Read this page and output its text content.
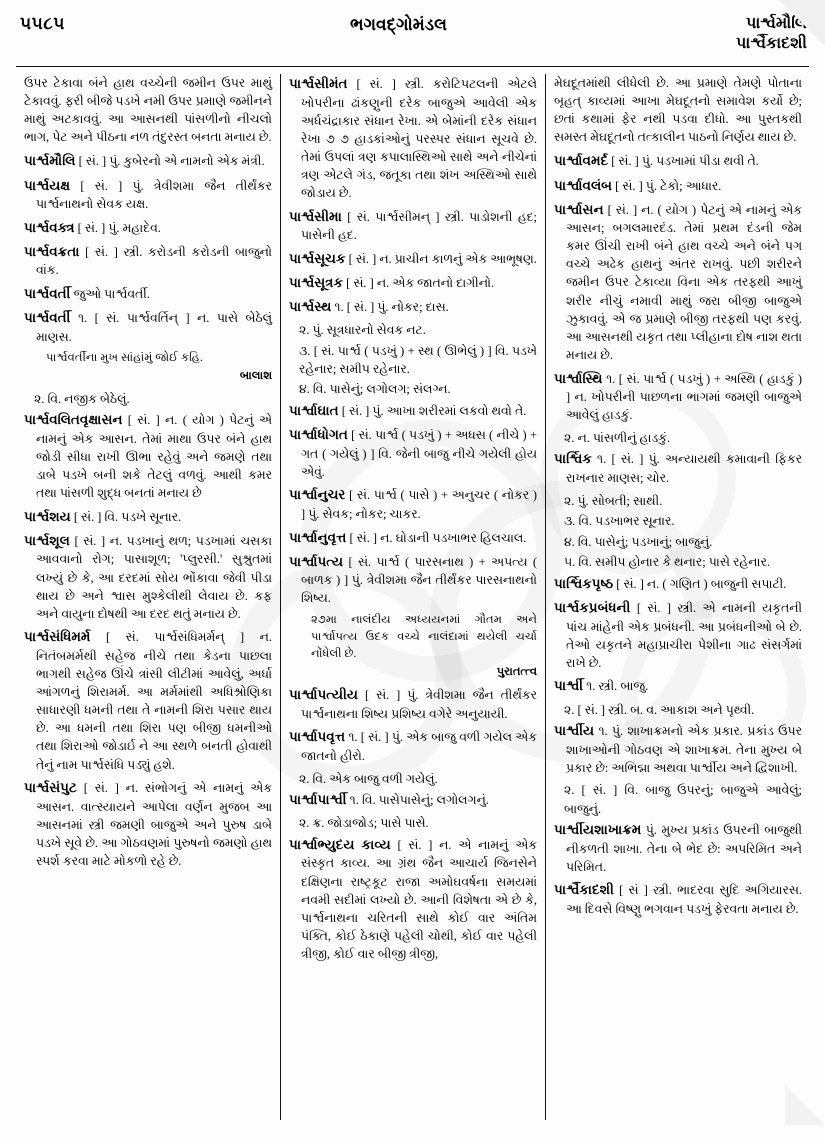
૫૫૮૫	ભગવદ્ગોમંડલ	પાર્શ્વમૌલિ
પાર્શ્વૈકાદશી
ઉપર ટેકાવા બંને હાથ વચ્ચેની જમીન ઉપર માથું ટેકાવવું. ફરી બીજે પડખે નમી ઉપર પ્રમાણે જમીનને માથું અટકાવવું. આ આસનથી પાંસળીનો નીચલો ભાગ, પેટ અને પીઠના નળ તંદુરસ્ત બનતા મનાય છે.
પાર્શ્વમૌલિ [ સં. ] પું. કુબેરનો એ નામનો એક મંત્રી.
પાર્શ્વયક્ષ [ સં. ] પું. ત્રેવીશમા જૈન તીર્થંકર પાર્શ્વનાથનો સેવક યક્ષ.
પાર્શ્વવક્ત્ર [ સં. ] પું. મહાદેવ.
પાર્શ્વવક્રતા [ સં. ] સ્ત્રી. કરોડની કરોડની બાજુનો વાંક.
પાર્શ્વવર્તી જુઓ પાર્શ્વવર્તી.
પાર્શ્વવર્તી ૧. [ સં. પાર્શ્વવર્તિન્ ] ન. પાસે બેઠેલું માણસ.
પાર્શ્વવર્તીના મુખ સાંહાંમું જોઈ કહિ.
બાલાશ
૨. વિ. નજીક બેઠેલું.
પાર્શ્વવલિતવૃક્ષાસન [ સં. ] ન. ( યોગ ) પેટનું એ નામનું એક આસન. તેમાં માથા ઉપર બંને હાથ જોડી સીધા રાખી ઊભા રહેવું અને જમણે તથા ડાબે પડખે બની શકે તેટલું વળવું. આથી કમર તથા પાંસળી શુદ્ધ બનતાં મનાય છે
પાર્શ્વશય [ સં. ] વિ. પડખે સૂનાર.
પાર્શ્વશૂલ [ સં. ] ન. પડખાનું થળ; પડખામાં ચસકા આવવાનો રોગ; પાસાશૂળ; 'પ્લુરસી.' સુશ્રુતમાં લખ્યું છે કે, આ દરદમાં સોય ભોંકાવા જેવી પીડા થાય છે અને શ્વાસ મુશ્કેલીથી લેવાય છે. કફ અને વાયુના દોષથી આ દરદ થતું મનાય છે.
પાર્શ્વસંધિમર્મ [ સં. પાર્શ્વસંધિમર્મન્ ] ન. નિતંબમર્મથી સહેજ નીચે તથા કેડના પાછલા ભાગથી સહેજ ઊંચે ત્રાંસી લીટીમાં આવેલું, અર્ધા આંગળનું શિરામર્મ. આ મર્મમાંથી અધિશ્રોણિકા સાધારણી ધમની તથા તે નામની શિરા પસાર થાય છે. આ ધમની તથા શિરા પણ બીજી ધમનીઓ તથા શિરાઓ જોડાર્ઇ ને આ સ્થળે બનતી હોવાથી તેનું નામ પાર્શ્વસંધિ પડ્યું હશે.
પાર્શ્વસંપુટ [ સં. ] ન. સંભોગનું એ નામનું એક આસન. વાત્સ્યાયને આપેલા વર્ણન મુજબ આ આસનમાં સ્ત્રી જમણી બાજુએ અને પુરુષ ડાબે પડખે સૂવે છે. આ ગોઠવણમાં પુરુષનો જમણો હાથ સ્પર્શ કરવા માટે મોકળો રહે છે.
પાર્શ્વસીમંત [ સં. ] સ્ત્રી. કરોટિપટલની એટલે ખોપરીના ઢાંકણુની દરેક બાજુએ આવેલી એક અર્ધચંદ્રાકાર સંધાન રેખા. એ બેમાંની દરેક સંધાન રેખા ૭ ૭ હાડકાંઓનું પરસ્પર સંધાન સૂચવે છે. તેમાં ઉપલાં ત્રણ કપાલાસ્થિઓ સાથે અને નીચેનાં ત્રણ એટલે ગંડ, જતૂકા તથા શંખ અસ્થિઓ સાથે જોડાય છે.
પાર્શ્વસીમા [ સં. પાર્શ્વસીમન્ ] સ્ત્રી. પાડોશની હદ; પાસેની હદ.
પાર્શ્વસૂચક [ સં. ] ન. પ્રાચીન કાળનું એક આભૂષણ.
પાર્શ્વસૂત્રક [ સં. ] ન. એક જાતનો દાગીનો.
પાર્શ્વસ્થ ૧. [ સં. ] પું. નોકર; દાસ.
૨. પું. સૂત્રધારનો સેવક નટ.
૩. [ સં. પાર્શ્વ ( પડખું ) + સ્થ ( ઊભેલું ) ] વિ. પડખે રહેનાર; સમીપ રહેનાર.
૪. વિ. પાસેનું; લગોલગ; સંલગ્ન.
પાર્શ્વાઘાત [ સં. ] પું. આખા શરીરમાં લકવો થવો તે.
પાર્શ્વાધોગત [ સં. પાર્શ્વ ( પડખું ) + અધસ ( નીચે ) + ગત ( ગયેલું ) ] વિ. જેની બાજુ નીચે ગયેલી હોય એવું.
પાર્શ્વાનુચર [ સં. પાર્શ્વ ( પાસે ) + અનુચર ( નોકર ) ] પું. સેવક; નોકર; ચાકર.
પાર્શ્વાનુવૃત્ત [ સં. ] ન. ઘોડાની પડખાભર હિલચાલ.
પાર્શ્વાપત્ય [ સં. પાર્શ્વ ( પારસનાથ ) + અપત્ય ( બાળક ) ] પું. ત્રેવીશમા જૈન તીર્થંકર પારસનાથનો શિષ્ય.
૨૭મા નાલંદીય અધ્યયનમાં ગૌતમ અને પાર્શ્વાપત્ય ઉદક વચ્ચે નાલંદામાં થયેલી ચર્ચા નોંધેલી છે.
પુરાતત્ત્વ
પાર્શ્વાપત્યીય [ સં. ] પું. ત્રેવીશમા જૈન તીર્થંકર પાર્શ્વનાથના શિષ્ય પ્રશિષ્ય વગેરે અનુયાયી.
પાર્શ્વાપવૃત્ત ૧. [ સં. ] પું. એક બાજુ વળી ગયેલ એક જાતનો હીરો.
૨. વિ. એક બાજુ વળી ગયેલું.
પાર્શ્વાપાર્શ્વી ૧. વિ. પાસેપાસેનું; લગોલગનું.
૨. ક્ર. જોડાજોડ; પાસે પાસે.
પાર્શ્વાભ્યુદય કાવ્ય [ સં. ] ન. એ નામનું એક સંસ્કૃત કાવ્ય. આ ગ્રંથ જૈન આચાર્ય જિનસેને દક્ષિણના રાષ્ટ્રકૂટ રાજા અમોઘવર્ષના સમયમાં નવમી સદીમાં લખ્યો છે. આની વિશેષતા એ છે કે, પાર્શ્વનાથના ચરિતની સાથે કોઈ વાર અંતિમ પંક્તિ, કોઈ ઠેકાણે પહેલી ચોથી, કોઈ વાર પહેલી ત્રીજી, કોઈ વાર બીજી ત્રીજી,
મેઘદૂતમાંથી લીધેલી છે. આ પ્રમાણે તેમણે પોતાના બૃહત્ કાવ્યમાં આખા મેઘદૂતનો સમાવેશ કર્યો છે; છતાં કથામાં ફેર નથી પડવા દીધો. આ પુસ્તકથી સમસ્ત મેઘદૂતનો તત્કાલીન પાઠનો નિર્ણય થાય છે.
પાર્શ્વાવમર્દ [ સં. ] પું. પડખામાં પીડા થવી તે.
પાર્શ્વાવલંબ [ સં. ] પું. ટેકો; આધાર.
પાર્શ્વાસન [ સં. ] ન. ( યોગ ) પેટનું એ નામનું એક આસન; બગલમારદંડ. તેમાં પ્રથમ દંડની જેમ કમર ઊંચી રાખી બંને હાથ વચ્ચે અને બંને પગ વચ્ચે અઢેક હાથનું અંતર રાખવું. પછી શરીરને જમીન ઉપર ટેકાવ્યા વિના એક તરફથી આખું શરીર નીચું નમાવી માથું જરા બીજી બાજુએ ઝુકાવવું. એ જ પ્રમાણે બીજી તરફથી પણ કરવું. આ આસનથી યકૃત તથા પ્લીહાના દોષ નાશ થતા મનાય છે.
પાર્શ્વાસ્થિ ૧. [ સં. પાર્શ્વ ( પડખું ) + અસ્થિ ( હાડકું ) ] ન. ખોપરીની પાછળના ભાગમાં જમણી બાજુએ આવેલું હાડકું.
૨. ન. પાંસળીનું હાડકું.
પાર્શ્વિક ૧. [ સં. ] પું. અન્યાયથી કમાવાની ફિકર રાખનાર માણસ; ચોર.
૨. પું. સોબતી; સાથી.
૩. વિ. પડખાભર સૂનાર.
૪. વિ. પાસેનું; પડખાનું; બાજુનું.
૫. વિ. સમીપ હોનાર કે થનાર; પાસે રહેનાર.
પાર્શ્વિકપૃષ્ઠ [ સં. ] ન. ( ગણિત ) બાજુની સપાટી.
પાર્શ્વકપ્રબંધની [ સં. ] સ્ત્રી. એ નામની યકૃતની પાંચ માંહેની એક પ્રબંધની. આ પ્રબંધનીઓ બે છે. તેઓ યકૃતને મહાપ્રાચીરા પેશીના ગાઢ સંસર્ગમાં રાખે છે.
પાર્શ્વી ૧. સ્ત્રી. બાજુ.
૨. [ સં. ] સ્ત્રી. બ. વ. આકાશ અને પૃથ્વી.
પાર્શ્વીય ૧. પું. શાખાક્રમનો એક પ્રકાર. પ્રકાંડ ઉપર શાખાઓની ગોઠવણ એ શાખાક્રમ. તેના મુખ્ય બે પ્રકાર છે: અભિદ્મા અથવા પાર્શ્વીય અને દ્વિશાખી.
૨. [ સં. ] વિ. બાજુ ઉપરનું; બાજુએ આવેલું; બાજુનું.
પાર્શ્વીયશાખાક્રમ પું. મુખ્ય પ્રકાંડ ઉપરની બાજુથી નીકળતી શાખા. તેના બે ભેદ છે: અપરિમિત અને પરિમિત.
પાર્શ્વૈકાદશી [ સં ] સ્ત્રી. ભાદરવા સુદિ અગિયારસ. આ દિવસે વિષ્ણુ ભગવાન પડખું ફેરવતા મનાય છે.
